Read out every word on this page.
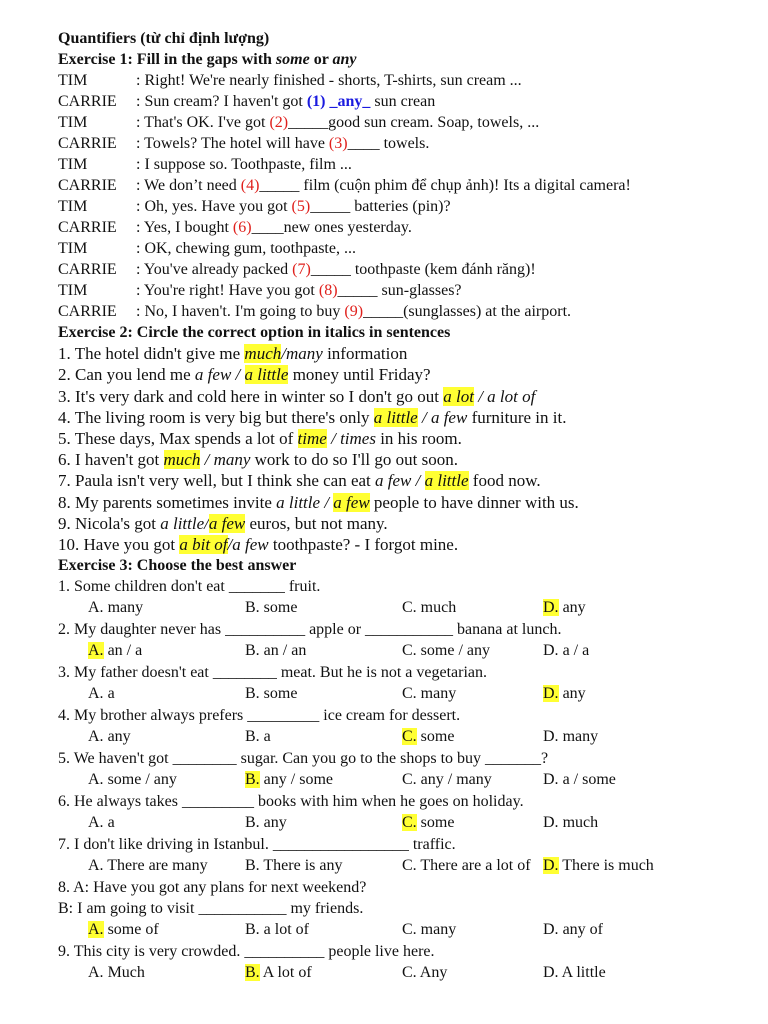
Quantifiers (từ chỉ định lượng)
Exercise 1: Fill in the gaps with some or any
TIM	: Right! We're nearly finished - shorts, T-shirts, sun cream ...
CARRIE : Sun cream? I haven't got (1) _any_ sun crean
TIM	: That's OK. I've got (2)_____good sun cream. Soap, towels, ...
CARRIE : Towels? The hotel will have (3)____ towels.
TIM	: I suppose so. Toothpaste, film ...
CARRIE : We don’t need (4)_____ film (cuộn phim để chụp ảnh)! Its a digital camera!
TIM	: Oh, yes. Have you got (5)_____ batteries (pin)?
CARRIE : Yes, I bought (6)____new ones yesterday.
TIM	: OK, chewing gum, toothpaste, ...
CARRIE : You've already packed (7)_____ toothpaste (kem đánh răng)!
TIM	: You're right! Have you got (8)_____ sun-glasses?
CARRIE : No, I haven't. I'm going to buy (9)_____(sunglasses) at the airport.
Exercise 2: Circle the correct option in italics in sentences
1. The hotel didn't give me much/many information
2. Can you lend me a few / a little money until Friday?
3. It's very dark and cold here in winter so I don't go out a lot / a lot of
4. The living room is very big but there's only a little / a few furniture in it.
5. These days, Max spends a lot of time / times in his room.
6. I haven't got much / many work to do so I'll go out soon.
7. Paula isn't very well, but I think she can eat a few / a little food now.
8. My parents sometimes invite a little / a few people to have dinner with us.
9. Nicola's got a little/a few euros, but not many.
10. Have you got a bit of/a few toothpaste? - I forgot mine.
Exercise 3: Choose the best answer
1. Some children don't eat _______ fruit.
A. many	B. some	C. much	D. any
2. My daughter never has __________ apple or ___________ banana at lunch.
A. an / a	B. an / an	C. some / any	D. a / a
3. My father doesn't eat ________ meat. But he is not a vegetarian.
A. a	B. some	C. many	D. any
4. My brother always prefers _________ ice cream for dessert.
A. any	B. a	C. some	D. many
5. We haven't got ________ sugar. Can you go to the shops to buy _______?
A. some / any	B. any / some	C. any / many	D. a / some
6. He always takes _________ books with him when he goes on holiday.
A. a	B. any	C. some	D. much
7. I don't like driving in Istanbul. _________________ traffic.
A. There are many	B. There is any	C. There are a lot of D. There is much
8. A: Have you got any plans for next weekend?
B: I am going to visit ___________ my friends.
A. some of	B. a lot of	C. many	D. any of
9. This city is very crowded. __________ people live here.
A. Much	B. A lot of	C. Any	D. A little
